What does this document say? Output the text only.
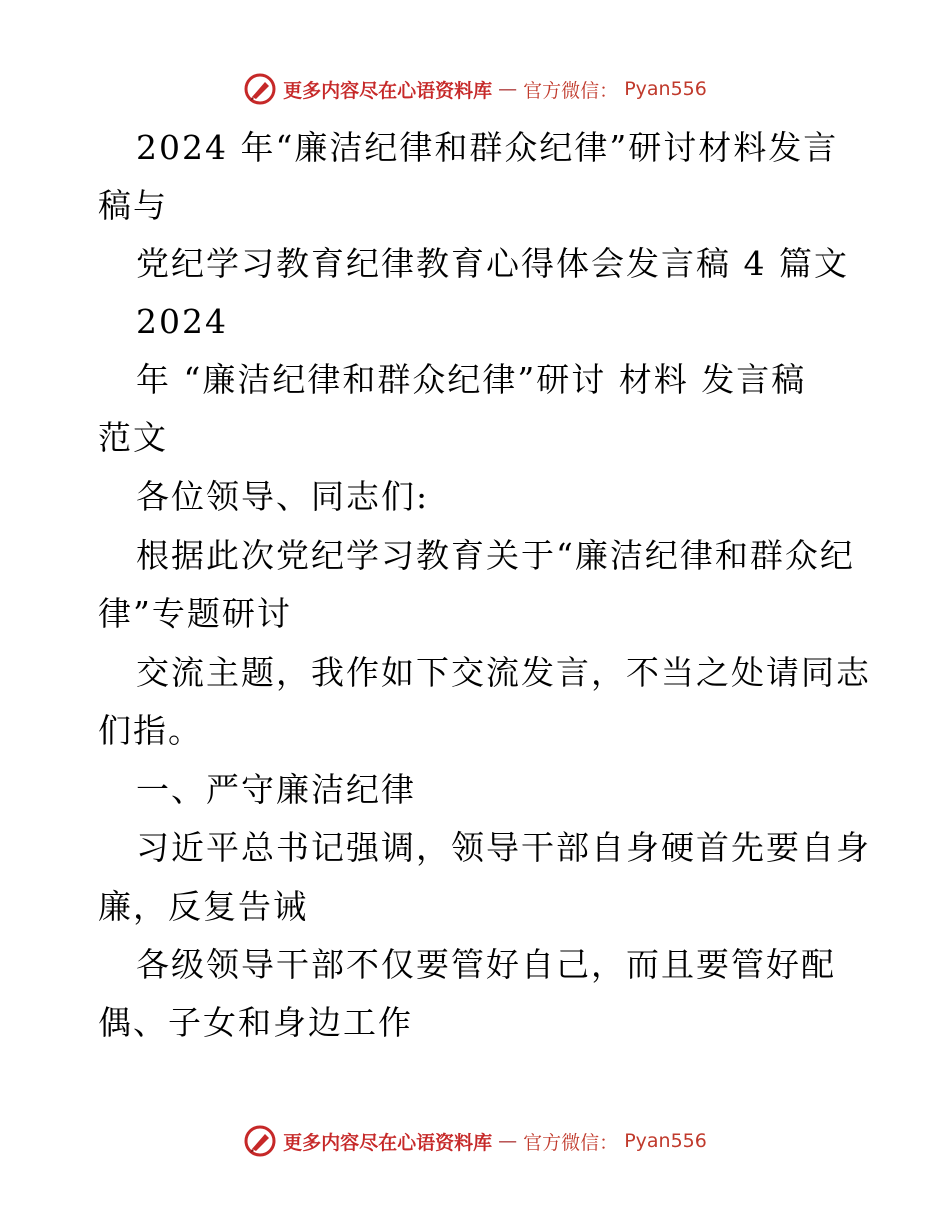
更多内容尽在心语资料库 — 官方微信： Pyan556
2024 年“廉洁纪律和群众纪律”研讨材料发言
稿与
党纪学习教育纪律教育心得体会发言稿 4 篇文
2024
年 “廉洁纪律和群众纪律”研讨 材料 发言稿
范文
各位领导、同志们:
根据此次党纪学习教育关于“廉洁纪律和群众纪
律”专题研讨
交流主题，我作如下交流发言，不当之处请同志
们指。
一、严守廉洁纪律
习近平总书记强调，领导干部自身硬首先要自身
廉，反复告诫
各级领导干部不仅要管好自己，而且要管好配
偶、子女和身边工作
更多内容尽在心语资料库 — 官方微信： Pyan556
